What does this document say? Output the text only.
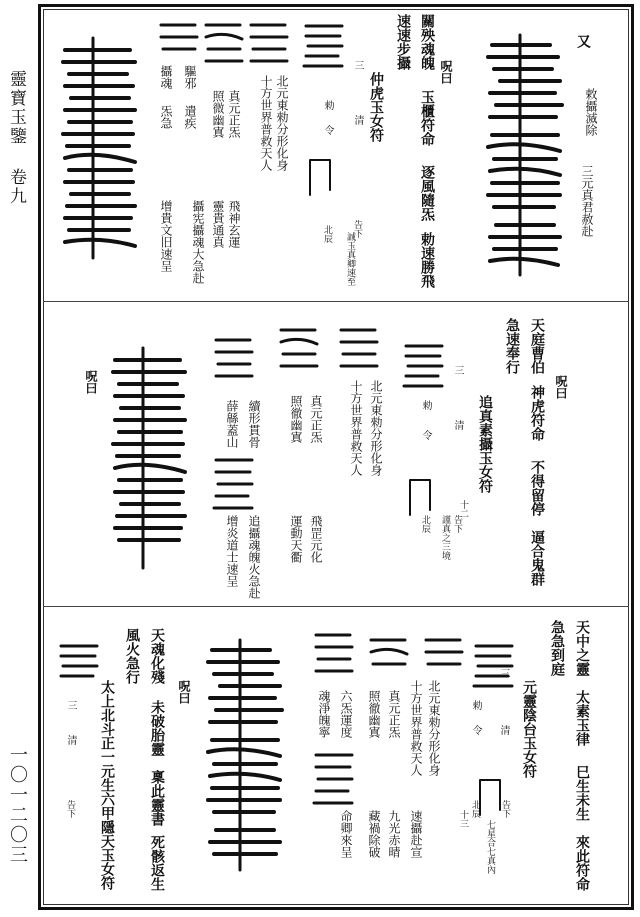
靈寶玉鑒
卷九
一〇一二〇三
又
敕攝滅除
三元真君赦赴
呪曰
關殃魂魄
速速步攝
玉櫃符命
逐風隨炁
勅速勝飛
仲虎玉女符
三
清
勑
令
告下
北辰 誠玉真卿速至
北元東勑分形化身
十方世界普救天人
真元正炁
照微幽寘
飛神玄運
靈貴通真
攝宪攝魂大急赴
驅邪
遣疾
攝魂
炁急
增貴文旧速呈
天庭曹伯
急速奉行
呪曰
神虎符命
不得留停
逼合鬼群
追真素攝玉女符
三
清
勑
令
十二
告下
北辰 謹真之三境
北元東勑分形化身
十方世界普救天人
真元正炁
照徹幽寘
續形貫骨
薛緜蓋山
飛罡元化
運動天衢
追攝魂魄火急赴
增炎道士速呈
呪曰
天中之靈
急急到庭
太素玉律
巳生未生
來此符命
元靈陰台玉女符
天魂化殘
風火急行
未破胎靈
稟此靈書
死骸返生
呪曰
太上北斗正一元生六甲隱天玉女符
三
清
勑
令
告下
北辰
十三
七星合七真內
北元東勑分形化身
十方世界普救天人
真元正炁
照徹幽寘
六炁運度
魂淨魄寧
藏禍除破
命卿來呈	九光赤晴 速攝赴宣
三
清
告下
